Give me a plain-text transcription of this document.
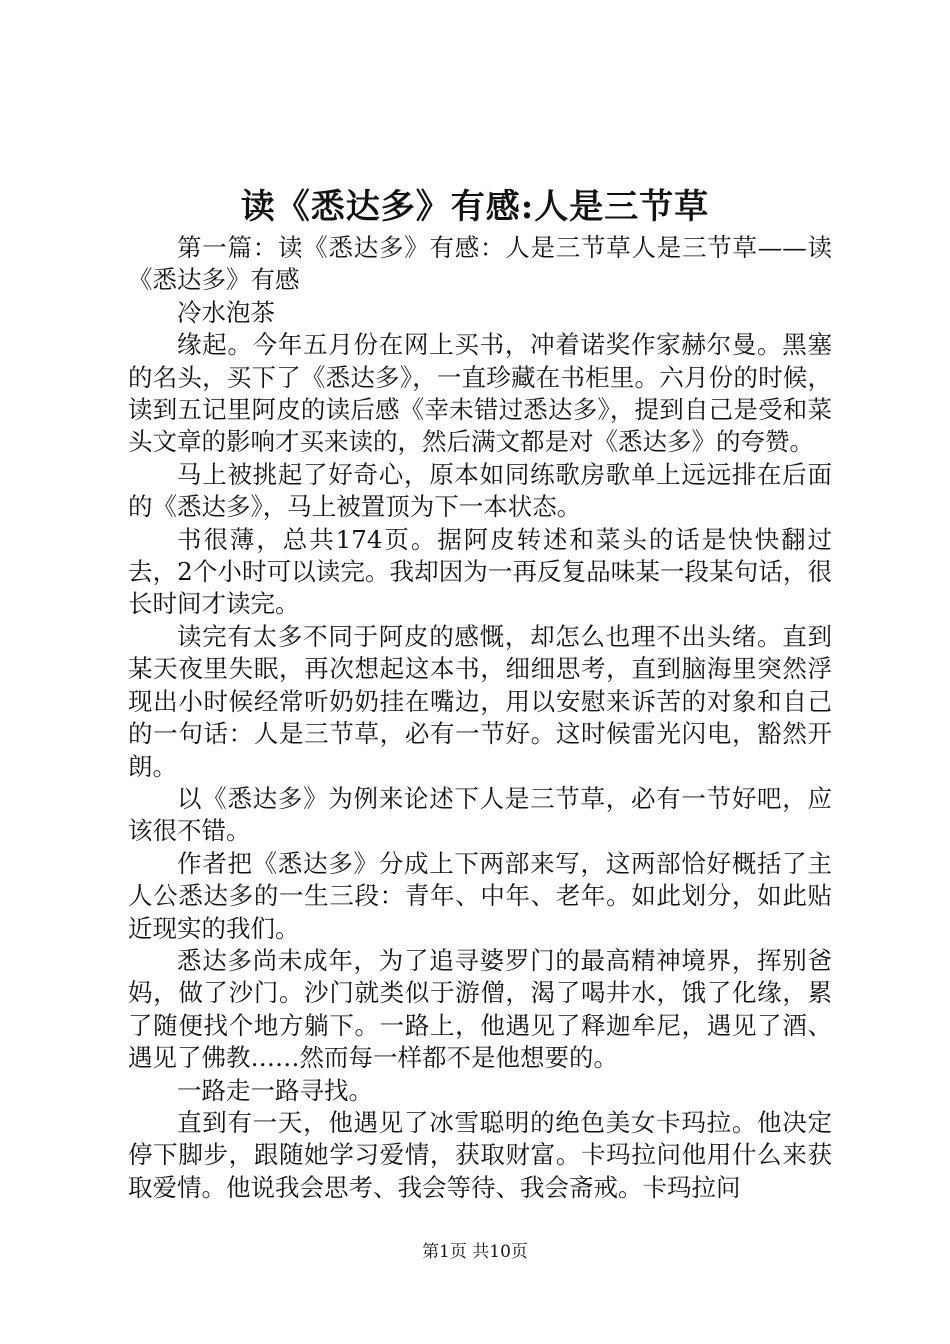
读《悉达多》有感:人是三节草

第一篇：读《悉达多》有感：人是三节草人是三节草——读《悉达多》有感

冷水泡茶

缘起。今年五月份在网上买书，冲着诺奖作家赫尔曼。黑塞的名头，买下了《悉达多》，一直珍藏在书柜里。六月份的时候，读到五记里阿皮的读后感《幸未错过悉达多》，提到自己是受和菜头文章的影响才买来读的，然后满文都是对《悉达多》的夸赞。

马上被挑起了好奇心，原本如同练歌房歌单上远远排在后面的《悉达多》，马上被置顶为下一本状态。

书很薄，总共174页。据阿皮转述和菜头的话是快快翻过去，2个小时可以读完。我却因为一再反复品味某一段某句话，很长时间才读完。

读完有太多不同于阿皮的感慨，却怎么也理不出头绪。直到某天夜里失眠，再次想起这本书，细细思考，直到脑海里突然浮现出小时候经常听奶奶挂在嘴边，用以安慰来诉苦的对象和自己的一句话：人是三节草，必有一节好。这时候雷光闪电，豁然开朗。

以《悉达多》为例来论述下人是三节草，必有一节好吧，应该很不错。

作者把《悉达多》分成上下两部来写，这两部恰好概括了主人公悉达多的一生三段：青年、中年、老年。如此划分，如此贴近现实的我们。

悉达多尚未成年，为了追寻婆罗门的最高精神境界，挥别爸妈，做了沙门。沙门就类似于游僧，渴了喝井水，饿了化缘，累了随便找个地方躺下。一路上，他遇见了释迦牟尼，遇见了酒、遇见了佛教……然而每一样都不是他想要的。

一路走一路寻找。

直到有一天，他遇见了冰雪聪明的绝色美女卡玛拉。他决定停下脚步，跟随她学习爱情，获取财富。卡玛拉问他用什么来获取爱情。他说我会思考、我会等待、我会斋戒。卡玛拉问

第1页 共10页
